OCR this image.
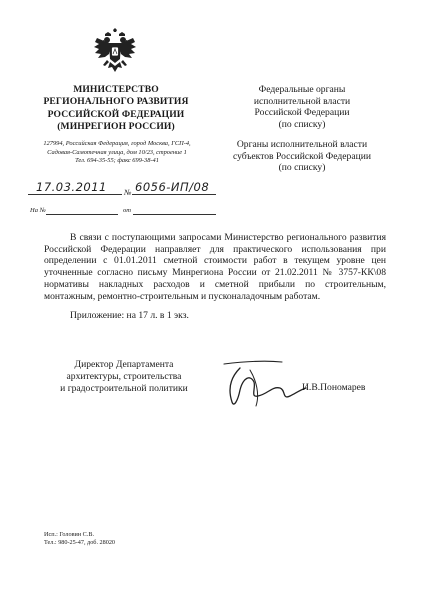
МИНИСТЕРСТВО
РЕГИОНАЛЬНОГО РАЗВИТИЯ
РОССИЙСКОЙ ФЕДЕРАЦИИ
(МИНРЕГИОН РОССИИ)
127994, Российская Федерация, город Москва, ГСП-4,
Садовая-Самотечная улица, дом 10/23, строение 1
Тел. 694-35-55; факс 699-38-41
Федеральные органы
исполнительной власти
Российской Федерации
(по списку)
Органы исполнительной власти
субъектов Российской Федерации
(по списку)
17.03.2011 № 6056-ИП/08
На №	от

В связи с поступающими запросами Министерство регионального развития Российской Федерации направляет для практического использования при определении с 01.01.2011 сметной стоимости работ в текущем уровне цен уточненные согласно письму Минрегиона России от 21.02.2011 № 3757-КК\08 нормативы накладных расходов и сметной прибыли по строительным, монтажным, ремонтно-строительным и пусконаладочным работам.

Приложение: на 17 л. в 1 экз.
Директор Департамента
архитектуры, строительства
и градостроительной политики	И.В.Пономарев
Исп.: Головин С.В.
Тел.: 980-25-47, доб. 28020
